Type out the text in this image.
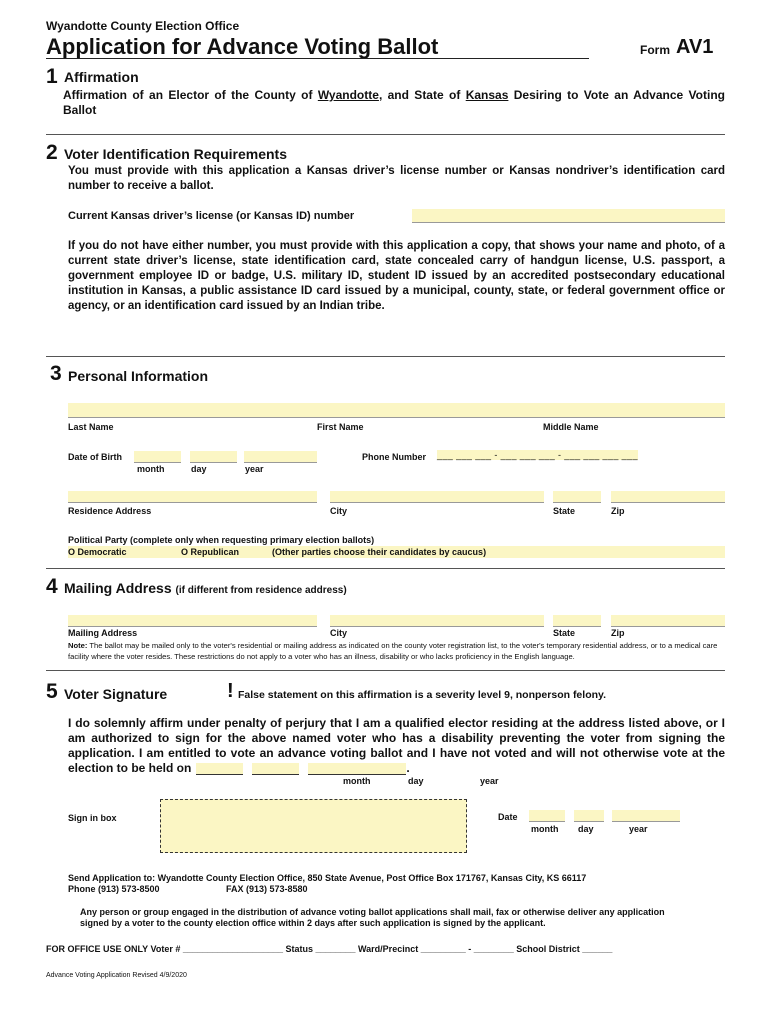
Wyandotte County Election Office
Application for Advance Voting Ballot	Form AV1
1 Affirmation
Affirmation of an Elector of the County of Wyandotte, and State of Kansas Desiring to Vote an Advance Voting Ballot
2 Voter Identification Requirements
You must provide with this application a Kansas driver’s license number or Kansas nondriver’s identification card number to receive a ballot.
Current Kansas driver’s license (or Kansas ID) number
If you do not have either number, you must provide with this application a copy, that shows your name and photo, of a current state driver’s license, state identification card, state concealed carry of handgun license, U.S. passport, a government employee ID or badge, U.S. military ID, student ID issued by an accredited postsecondary educational institution in Kansas, a public assistance ID card issued by a municipal, county, state, or federal government office or agency, or an identification card issued by an Indian tribe.
3 Personal Information
Last Name	First Name	Middle Name
Date of Birth
month	day	year
Phone Number ___ ___ ___ - ___ ___ ___ - ___ ___ ___ ___
Residence Address	City	State	Zip
Political Party (complete only when requesting primary election ballots)
O Democratic	O Republican	(Other parties choose their candidates by caucus)
4 Mailing Address (if different from residence address)
Mailing Address	City	State	Zip
Note: The ballot may be mailed only to the voter's residential or mailing address as indicated on the county voter registration list, to the voter's temporary residential address, or to a medical care facility where the voter resides. These restrictions do not apply to a voter who has an illness, disability or who lacks proficiency in the English language.
5 Voter Signature	! False statement on this affirmation is a severity level 9, nonperson felony.
I do solemnly affirm under penalty of perjury that I am a qualified elector residing at the address listed above, or I am authorized to sign for the above named voter who has a disability preventing the voter from signing the application. I am entitled to vote an advance voting ballot and I have not voted and will not otherwise vote at the election to be held on	.
month	day	year
Sign in box	Date
month day	year
Send Application to: Wyandotte County Election Office, 850 State Avenue, Post Office Box 171767, Kansas City, KS 66117
Phone (913) 573-8500	FAX (913) 573-8580
Any person or group engaged in the distribution of advance voting ballot applications shall mail, fax or otherwise deliver any application signed by a voter to the county election office within 2 days after such application is signed by the applicant.
FOR OFFICE USE ONLY Voter # ____________________ Status ________ Ward/Precinct _________ - ________ School District ______
Advance Voting Application Revised 4/9/2020
